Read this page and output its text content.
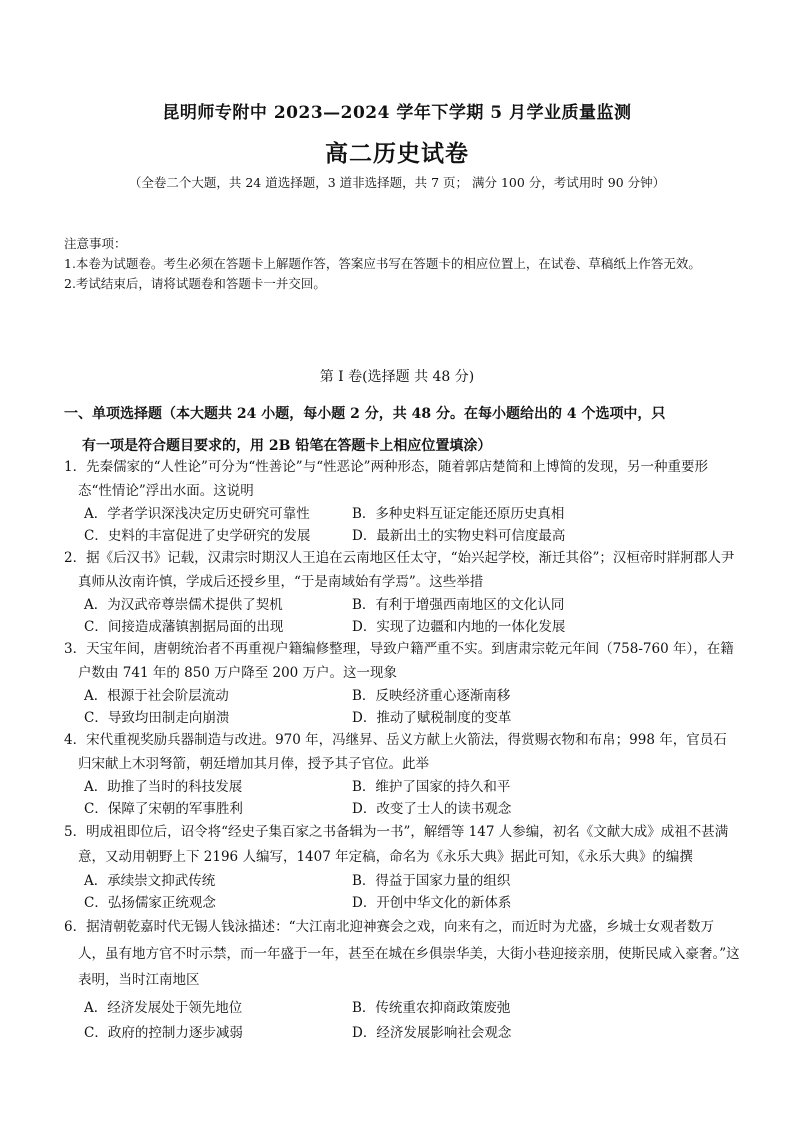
昆明师专附中 2023—2024 学年下学期 5 月学业质量监测
高二历史试卷
（全卷二个大题，共 24 道选择题，3 道非选择题，共 7 页； 满分 100 分，考试用时 90 分钟）

注意事项：

1.本卷为试题卷。考生必须在答题卡上解题作答，答案应书写在答题卡的相应位置上，在试卷、草稿纸上作答无效。

2.考试结束后，请将试题卷和答题卡一并交回。

第 I 卷(选择题 共 48 分)
一、单项选择题（本大题共 24 小题，每小题 2 分，共 48 分。在每小题给出的 4 个选项中，只
有一项是符合题目要求的，用 2B 铅笔在答题卡上相应位置填涂）
1．先秦儒家的“人性论”可分为“性善论”与“性恶论”两种形态，随着郭店楚简和上博简的发现，另一种重要形态“性情论”浮出水面。这说明
A．学者学识深浅决定历史研究可靠性	B．多种史料互证定能还原历史真相
C．史料的丰富促进了史学研究的发展	D．最新出土的实物史料可信度最高
2．据《后汉书》记载，汉肃宗时期汉人王追在云南地区任太守，“始兴起学校，渐迁其俗”；汉桓帝时牂牁郡人尹真师从汝南许慎，学成后还授乡里，“于是南域始有学焉”。这些举措
A．为汉武帝尊崇儒术提供了契机	B．有利于增强西南地区的文化认同
C．间接造成藩镇割据局面的出现	D．实现了边疆和内地的一体化发展
3．天宝年间，唐朝统治者不再重视户籍编修整理，导致户籍严重不实。到唐肃宗乾元年间（758-760 年），在籍户数由 741 年的 850 万户降至 200 万户。这一现象
A．根源于社会阶层流动	B．反映经济重心逐渐南移
C．导致均田制走向崩溃	D．推动了赋税制度的变革
4．宋代重视奖励兵器制造与改进。970 年，冯继昇、岳义方献上火箭法，得赏赐衣物和布帛；998 年，官员石归宋献上木羽弩箭，朝廷增加其月俸，授予其子官位。此举
A．助推了当时的科技发展	B．维护了国家的持久和平
C．保障了宋朝的军事胜利	D．改变了士人的读书观念
5．明成祖即位后，诏令将“经史子集百家之书备辑为一书”，解缙等 147 人参编，初名《文献大成》成祖不甚满意，又动用朝野上下 2196 人编写，1407 年定稿，命名为《永乐大典》据此可知，《永乐大典》的编撰
A．承续崇文抑武传统	B．得益于国家力量的组织
C．弘扬儒家正统观念	D．开创中华文化的新体系
6．据清朝乾嘉时代无锡人钱泳描述：“大江南北迎神赛会之戏，向来有之，而近时为尤盛，乡城士女观者数万人，虽有地方官不时示禁，而一年盛于一年，甚至在城在乡俱崇华美，大街小巷迎接亲朋，使斯民咸入豪奢。”这表明，当时江南地区
A．经济发展处于领先地位	B．传统重农抑商政策废弛
C．政府的控制力逐步减弱	D．经济发展影响社会观念
